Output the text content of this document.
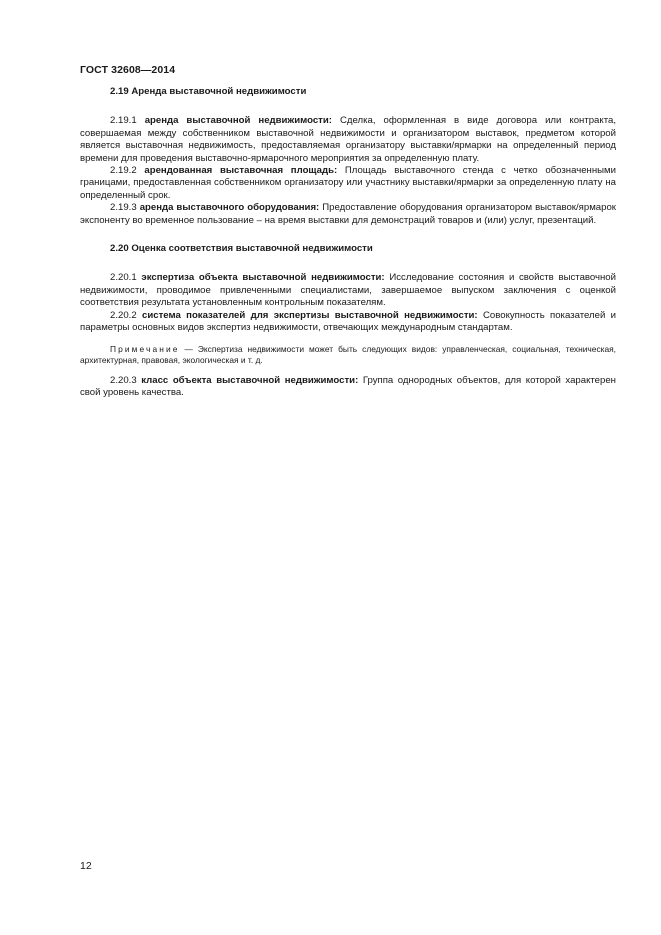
ГОСТ 32608—2014

2.19 Аренда выставочной недвижимости

2.19.1 аренда выставочной недвижимости: Сделка, оформленная в виде договора или контракта, совершаемая между собственником выставочной недвижимости и организатором выставок, предметом которой является выставочная недвижимость, предоставляемая организатору выставки/ярмарки на определенный период времени для проведения выставочно-ярмарочного мероприятия за определенную плату.

2.19.2 арендованная выставочная площадь: Площадь выставочного стенда с четко обозначенными границами, предоставленная собственником организатору или участнику выставки/ярмарки за определенную плату на определенный срок.

2.19.3 аренда выставочного оборудования: Предоставление оборудования организатором выставок/ярмарок экспоненту во временное пользование – на время выставки для демонстраций товаров и (или) услуг, презентаций.

2.20 Оценка соответствия выставочной недвижимости

2.20.1 экспертиза объекта выставочной недвижимости: Исследование состояния и свойств выставочной недвижимости, проводимое привлеченными специалистами, завершаемое выпуском заключения с оценкой соответствия результата установленным контрольным показателям.

2.20.2 система показателей для экспертизы выставочной недвижимости: Совокупность показателей и параметры основных видов экспертиз недвижимости, отвечающих международным стандартам.

Примечание — Экспертиза недвижимости может быть следующих видов: управленческая, социальная, техническая, архитектурная, правовая, экологическая и т. д.

2.20.3 класс объекта выставочной недвижимости: Группа однородных объектов, для которой характерен свой уровень качества.

12
